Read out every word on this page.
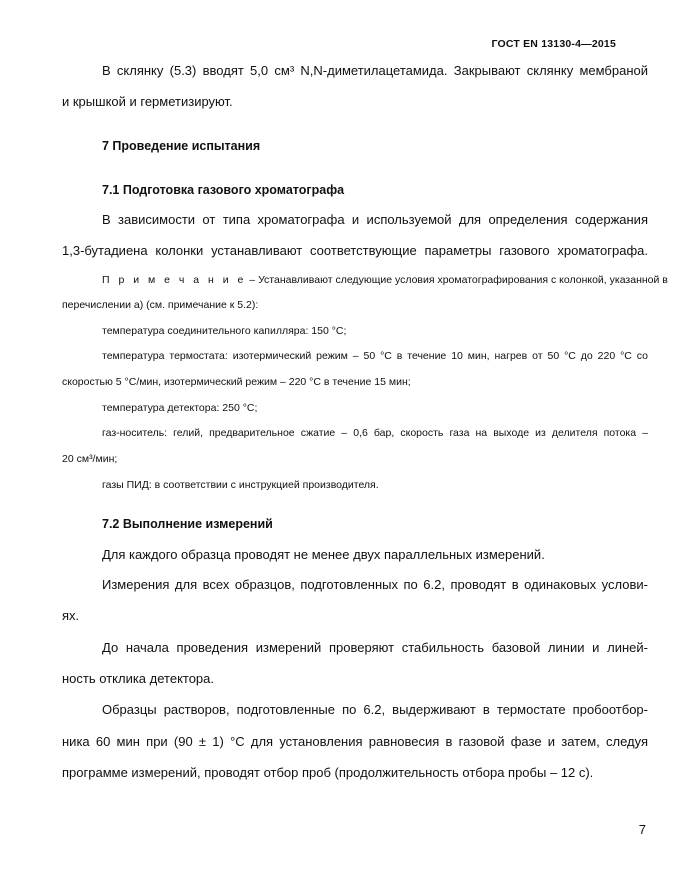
ГОСТ EN 13130-4—2015
В склянку (5.3) вводят 5,0 см³ N,N-диметилацетамида. Закрывают склянку мембраной
и крышкой и герметизируют.
7 Проведение испытания
7.1 Подготовка газового хроматографа
В зависимости от типа хроматографа и используемой для определения содержания
1,3-бутадиена колонки устанавливают соответствующие параметры газового хроматографа.
П р и м е ч а н и е – Устанавливают следующие условия хроматографирования с колонкой, указанной в
перечислении а) (см. примечание к 5.2):
температура соединительного капилляра: 150 °С;
температура термостата: изотермический режим – 50 °С в течение 10 мин, нагрев от 50 °С до 220 °С со
скоростью 5 °С/мин, изотермический режим – 220 °С в течение 15 мин;
температура детектора: 250 °С;
газ-носитель: гелий, предварительное сжатие – 0,6 бар, скорость газа на выходе из делителя потока –
20 см³/мин;
газы ПИД: в соответствии с инструкцией производителя.
7.2 Выполнение измерений
Для каждого образца проводят не менее двух параллельных измерений.
Измерения для всех образцов, подготовленных по 6.2, проводят в одинаковых услови-
ях.
До начала проведения измерений проверяют стабильность базовой линии и линей-
ность отклика детектора.
Образцы растворов, подготовленные по 6.2, выдерживают в термостате пробоотбор-
ника 60 мин при (90 ± 1) °С для установления равновесия в газовой фазе и затем, следуя
программе измерений, проводят отбор проб (продолжительность отбора пробы – 12 с).
7
